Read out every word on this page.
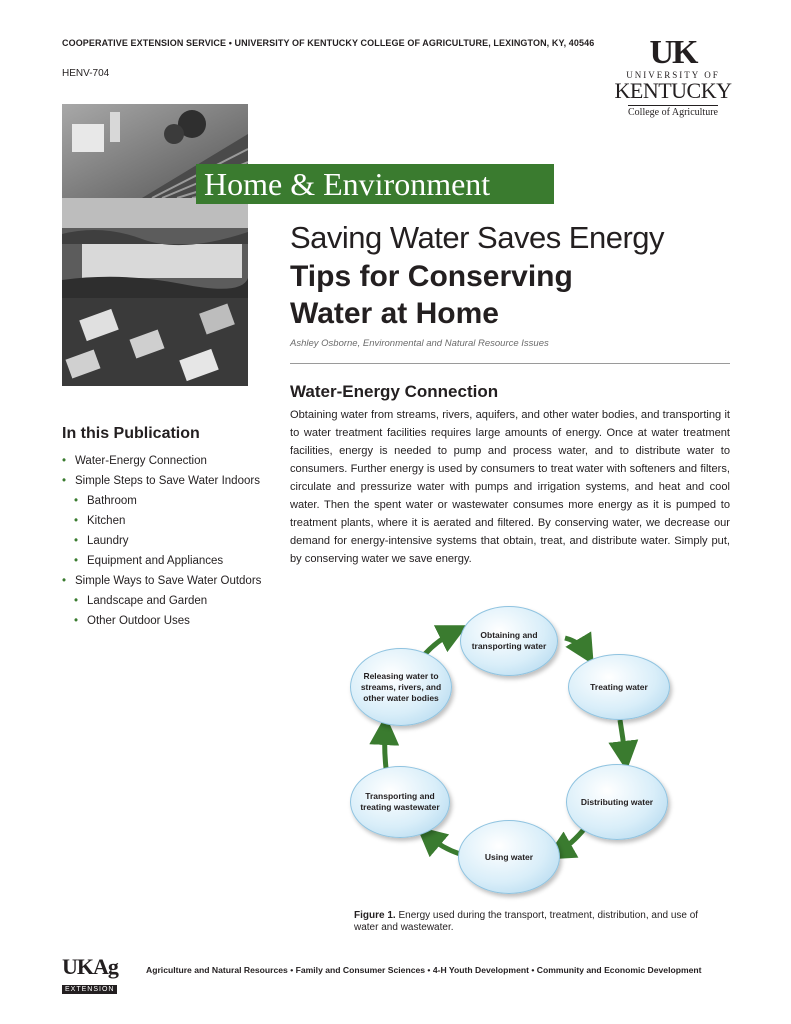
COOPERATIVE EXTENSION SERVICE • UNIVERSITY OF KENTUCKY COLLEGE OF AGRICULTURE, LEXINGTON, KY, 40546
HENV-704
UK
UNIVERSITY OF
KENTUCKY
College of Agriculture
Home & Environment
Saving Water Saves Energy
Tips for Conserving Water at Home
Ashley Osborne, Environmental and Natural Resource Issues
Water-Energy Connection
Obtaining water from streams, rivers, aquifers, and other water bodies, and transporting it to water treatment facilities requires large amounts of energy. Once at water treatment facilities, energy is needed to pump and process water, and to distribute water to consumers. Further energy is used by consumers to treat water with softeners and filters, circulate and pressurize water with pumps and irrigation systems, and heat and cool water. Then the spent water or wastewater consumes more energy as it is pumped to treatment plants, where it is aerated and filtered. By conserving water, we decrease our demand for energy-intensive systems that obtain, treat, and distribute water. Simply put, by conserving water we save energy.
In this Publication
• Water-Energy Connection
• Simple Steps to Save Water Indoors
• Bathroom
• Kitchen
• Laundry
• Equipment and Appliances
• Simple Ways to Save Water Outdors
• Landscape and Garden
• Other Outdoor Uses
Obtaining and transporting water
Treating water
Distributing water
Using water
Transporting and treating wastewater
Releasing water to streams, rivers, and other water bodies
Figure 1. Energy used during the transport, treatment, distribution, and use of water and wastewater.
UKAg
EXTENSION
Agriculture and Natural Resources • Family and Consumer Sciences • 4-H Youth Development • Community and Economic Development
